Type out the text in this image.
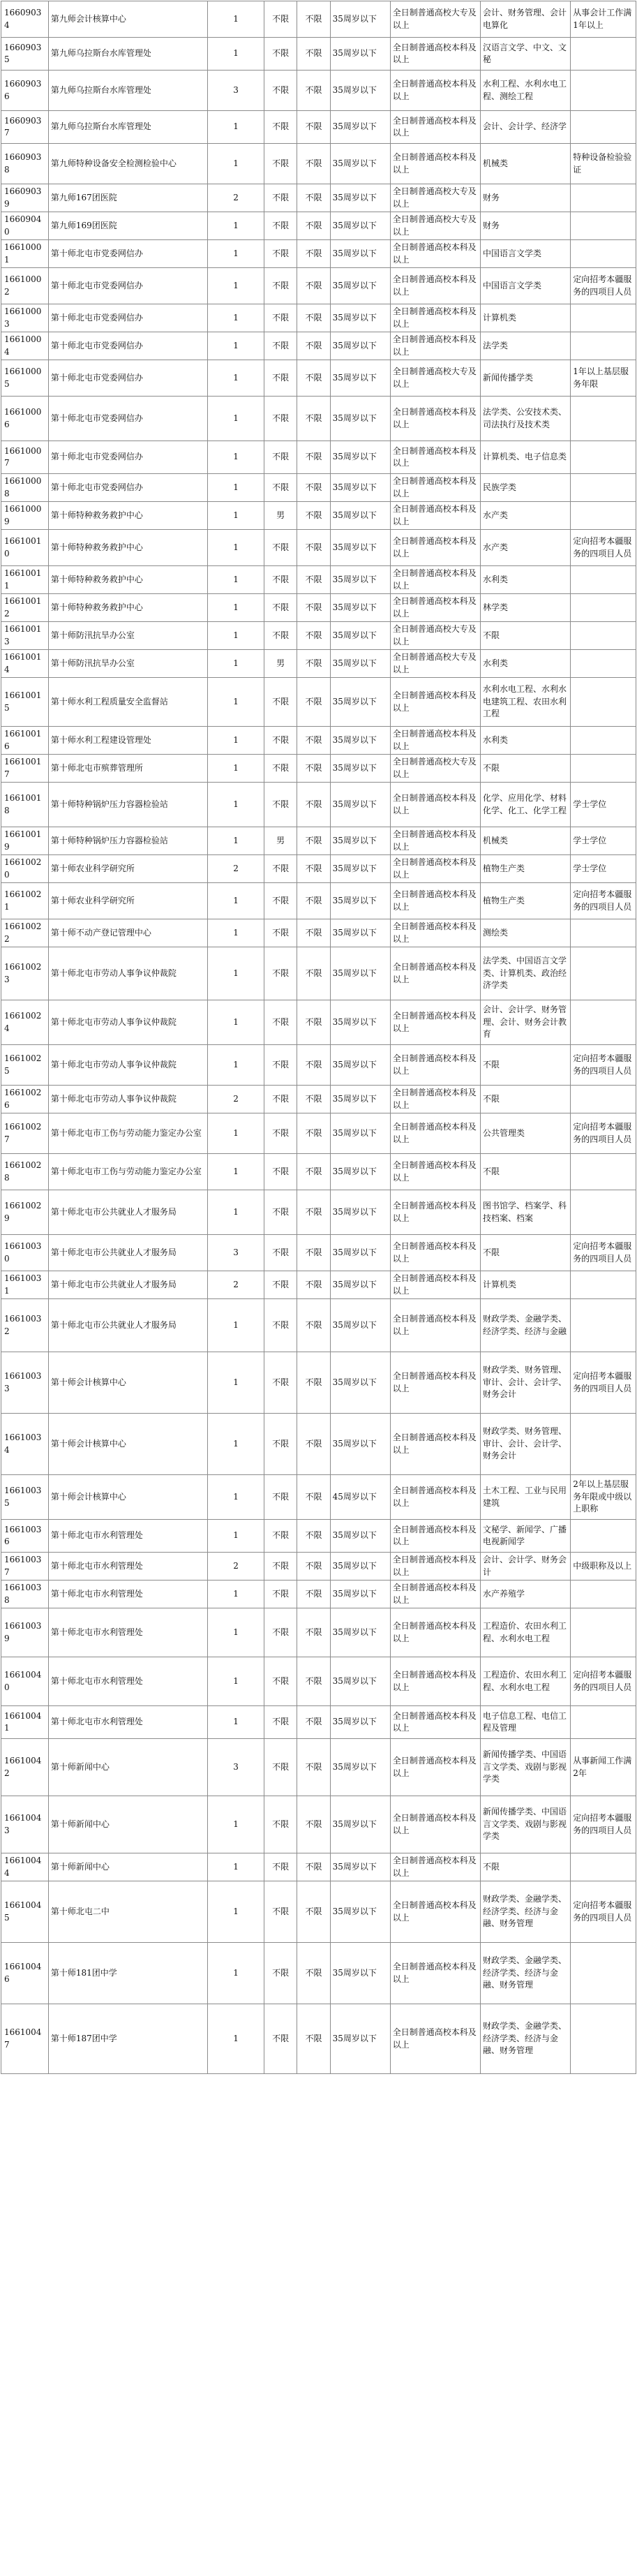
16609034	第九师会计核算中心	1	不限	不限	35周岁以下	全日制普通高校大专及以上	会计、财务管理、会计电算化	从事会计工作满1年以上
16609035	第九师乌拉斯台水库管理处	1	不限	不限	35周岁以下	全日制普通高校本科及以上	汉语言文学、中文、文秘	
16609036	第九师乌拉斯台水库管理处	3	不限	不限	35周岁以下	全日制普通高校本科及以上	水利工程、水利水电工程、测绘工程	
16609037	第九师乌拉斯台水库管理处	1	不限	不限	35周岁以下	全日制普通高校本科及以上	会计、会计学、经济学	
16609038	第九师特种设备安全检测检验中心	1	不限	不限	35周岁以下	全日制普通高校本科及以上	机械类	特种设备检验验证
16609039	第九师167团医院	2	不限	不限	35周岁以下	全日制普通高校大专及以上	财务	
16609040	第九师169团医院	1	不限	不限	35周岁以下	全日制普通高校大专及以上	财务	
16610001	第十师北屯市党委网信办	1	不限	不限	35周岁以下	全日制普通高校本科及以上	中国语言文学类	
16610002	第十师北屯市党委网信办	1	不限	不限	35周岁以下	全日制普通高校本科及以上	中国语言文学类	定向招考本疆服务的四项目人员
16610003	第十师北屯市党委网信办	1	不限	不限	35周岁以下	全日制普通高校本科及以上	计算机类	
16610004	第十师北屯市党委网信办	1	不限	不限	35周岁以下	全日制普通高校本科及以上	法学类	
16610005	第十师北屯市党委网信办	1	不限	不限	35周岁以下	全日制普通高校大专及以上	新闻传播学类	1年以上基层服务年限
16610006	第十师北屯市党委网信办	1	不限	不限	35周岁以下	全日制普通高校本科及以上	法学类、公安技术类、司法执行及技术类	
16610007	第十师北屯市党委网信办	1	不限	不限	35周岁以下	全日制普通高校本科及以上	计算机类、电子信息类	
16610008	第十师北屯市党委网信办	1	不限	不限	35周岁以下	全日制普通高校本科及以上	民族学类	
16610009	第十师特种救务救护中心	1	男	不限	35周岁以下	全日制普通高校本科及以上	水产类	
16610010	第十师特种救务救护中心	1	不限	不限	35周岁以下	全日制普通高校本科及以上	水产类	定向招考本疆服务的四项目人员
16610011	第十师特种救务救护中心	1	不限	不限	35周岁以下	全日制普通高校本科及以上	水利类	
16610012	第十师特种救务救护中心	1	不限	不限	35周岁以下	全日制普通高校本科及以上	林学类	
16610013	第十师防汛抗旱办公室	1	不限	不限	35周岁以下	全日制普通高校大专及以上	不限	
16610014	第十师防汛抗旱办公室	1	男	不限	35周岁以下	全日制普通高校大专及以上	水利类	
16610015	第十师水利工程质量安全监督站	1	不限	不限	35周岁以下	全日制普通高校本科及以上	水利水电工程、水利水电建筑工程、农田水利工程	
16610016	第十师水利工程建设管理处	1	不限	不限	35周岁以下	全日制普通高校本科及以上	水利类	
16610017	第十师北屯市殡葬管理所	1	不限	不限	35周岁以下	全日制普通高校大专及以上	不限	
16610018	第十师特种锅炉压力容器检验站	1	不限	不限	35周岁以下	全日制普通高校本科及以上	化学、应用化学、材料化学、化工、化学工程	学士学位
16610019	第十师特种锅炉压力容器检验站	1	男	不限	35周岁以下	全日制普通高校本科及以上	机械类	学士学位
16610020	第十师农业科学研究所	2	不限	不限	35周岁以下	全日制普通高校本科及以上	植物生产类	学士学位
16610021	第十师农业科学研究所	1	不限	不限	35周岁以下	全日制普通高校本科及以上	植物生产类	定向招考本疆服务的四项目人员
16610022	第十师不动产登记管理中心	1	不限	不限	35周岁以下	全日制普通高校本科及以上	测绘类	
16610023	第十师北屯市劳动人事争议仲裁院	1	不限	不限	35周岁以下	全日制普通高校本科及以上	法学类、中国语言文学类、计算机类、政治经济学类	
16610024	第十师北屯市劳动人事争议仲裁院	1	不限	不限	35周岁以下	全日制普通高校本科及以上	会计、会计学、财务管理、会计、财务会计教育	
16610025	第十师北屯市劳动人事争议仲裁院	1	不限	不限	35周岁以下	全日制普通高校本科及以上	不限	定向招考本疆服务的四项目人员
16610026	第十师北屯市劳动人事争议仲裁院	2	不限	不限	35周岁以下	全日制普通高校本科及以上	不限	
16610027	第十师北屯市工伤与劳动能力鉴定办公室	1	不限	不限	35周岁以下	全日制普通高校本科及以上	公共管理类	定向招考本疆服务的四项目人员
16610028	第十师北屯市工伤与劳动能力鉴定办公室	1	不限	不限	35周岁以下	全日制普通高校本科及以上	不限	
16610029	第十师北屯市公共就业人才服务局	1	不限	不限	35周岁以下	全日制普通高校本科及以上	图书馆学、档案学、科技档案、档案	
16610030	第十师北屯市公共就业人才服务局	3	不限	不限	35周岁以下	全日制普通高校本科及以上	不限	定向招考本疆服务的四项目人员
16610031	第十师北屯市公共就业人才服务局	2	不限	不限	35周岁以下	全日制普通高校本科及以上	计算机类	
16610032	第十师北屯市公共就业人才服务局	1	不限	不限	35周岁以下	全日制普通高校本科及以上	财政学类、金融学类、经济学类、经济与金融	
16610033	第十师会计核算中心	1	不限	不限	35周岁以下	全日制普通高校本科及以上	财政学类、财务管理、审计、会计、会计学、财务会计	定向招考本疆服务的四项目人员
16610034	第十师会计核算中心	1	不限	不限	35周岁以下	全日制普通高校本科及以上	财政学类、财务管理、审计、会计、会计学、财务会计	
16610035	第十师会计核算中心	1	不限	不限	45周岁以下	全日制普通高校本科及以上	土木工程、工业与民用建筑	2年以上基层服务年限或中级以上职称
16610036	第十师北屯市水利管理处	1	不限	不限	35周岁以下	全日制普通高校本科及以上	文秘学、新闻学、广播电视新闻学	
16610037	第十师北屯市水利管理处	2	不限	不限	35周岁以下	全日制普通高校本科及以上	会计、会计学、财务会计	中级职称及以上
16610038	第十师北屯市水利管理处	1	不限	不限	35周岁以下	全日制普通高校本科及以上	水产养殖学	
16610039	第十师北屯市水利管理处	1	不限	不限	35周岁以下	全日制普通高校本科及以上	工程造价、农田水利工程、水利水电工程	
16610040	第十师北屯市水利管理处	1	不限	不限	35周岁以下	全日制普通高校本科及以上	工程造价、农田水利工程、水利水电工程	定向招考本疆服务的四项目人员
16610041	第十师北屯市水利管理处	1	不限	不限	35周岁以下	全日制普通高校本科及以上	电子信息工程、电信工程及管理	
16610042	第十师新闻中心	3	不限	不限	35周岁以下	全日制普通高校本科及以上	新闻传播学类、中国语言文学类、戏剧与影视学类	从事新闻工作满2年
16610043	第十师新闻中心	1	不限	不限	35周岁以下	全日制普通高校本科及以上	新闻传播学类、中国语言文学类、戏剧与影视学类	定向招考本疆服务的四项目人员
16610044	第十师新闻中心	1	不限	不限	35周岁以下	全日制普通高校本科及以上	不限	
16610045	第十师北屯二中	1	不限	不限	35周岁以下	全日制普通高校本科及以上	财政学类、金融学类、经济学类、经济与金融、财务管理	定向招考本疆服务的四项目人员
16610046	第十师181团中学	1	不限	不限	35周岁以下	全日制普通高校本科及以上	财政学类、金融学类、经济学类、经济与金融、财务管理	
16610047	第十师187团中学	1	不限	不限	35周岁以下	全日制普通高校本科及以上	财政学类、金融学类、经济学类、经济与金融、财务管理	
